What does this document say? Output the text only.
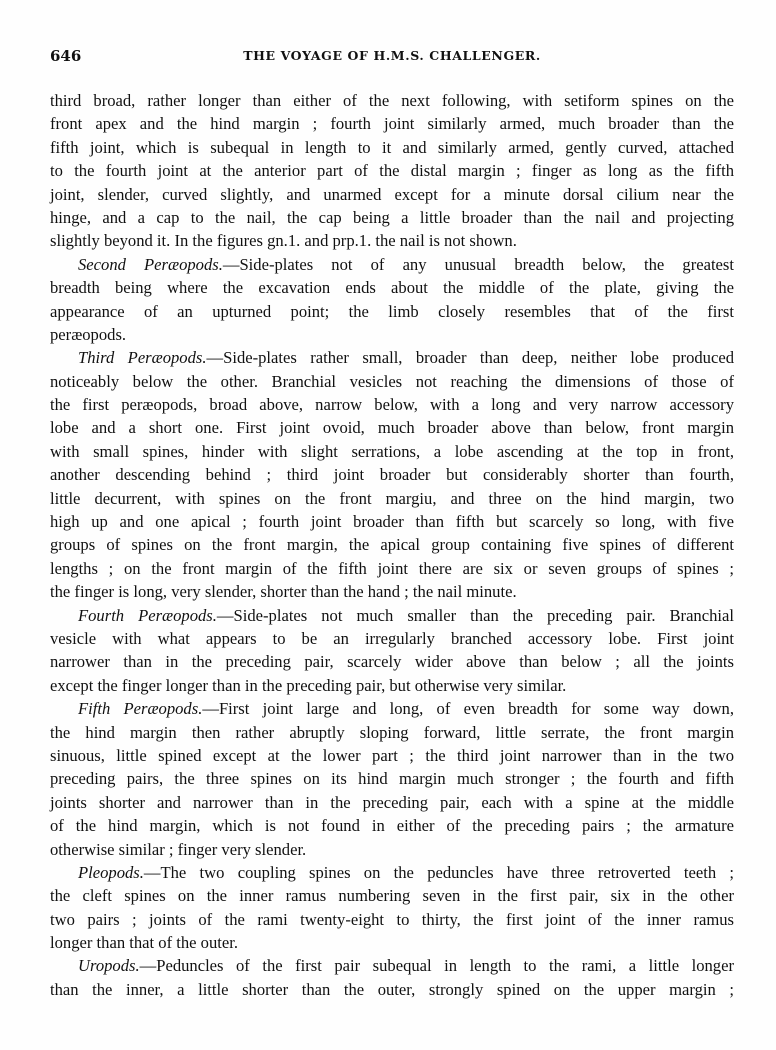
646	THE VOYAGE OF H.M.S. CHALLENGER.
third broad, rather longer than either of the next following, with setiform spines on the
front apex and the hind margin ; fourth joint similarly armed, much broader than the
fifth joint, which is subequal in length to it and similarly armed, gently curved, attached
to the fourth joint at the anterior part of the distal margin ; finger as long as the fifth
joint, slender, curved slightly, and unarmed except for a minute dorsal cilium near the
hinge, and a cap to the nail, the cap being a little broader than the nail and projecting
slightly beyond it. In the figures gn.1. and prp.1. the nail is not shown.
Second Peræopods.—Side-plates not of any unusual breadth below, the greatest
breadth being where the excavation ends about the middle of the plate, giving the
appearance of an upturned point; the limb closely resembles that of the first
peræopods.
Third Peræopods.—Side-plates rather small, broader than deep, neither lobe produced
noticeably below the other. Branchial vesicles not reaching the dimensions of those of
the first peræopods, broad above, narrow below, with a long and very narrow accessory
lobe and a short one. First joint ovoid, much broader above than below, front margin
with small spines, hinder with slight serrations, a lobe ascending at the top in front,
another descending behind ; third joint broader but considerably shorter than fourth,
little decurrent, with spines on the front margiu, and three on the hind margin, two
high up and one apical ; fourth joint broader than fifth but scarcely so long, with five
groups of spines on the front margin, the apical group containing five spines of different
lengths ; on the front margin of the fifth joint there are six or seven groups of spines ;
the finger is long, very slender, shorter than the hand ; the nail minute.
Fourth Peræopods.—Side-plates not much smaller than the preceding pair. Branchial
vesicle with what appears to be an irregularly branched accessory lobe. First joint
narrower than in the preceding pair, scarcely wider above than below ; all the joints
except the finger longer than in the preceding pair, but otherwise very similar.
Fifth Peræopods.—First joint large and long, of even breadth for some way down,
the hind margin then rather abruptly sloping forward, little serrate, the front margin
sinuous, little spined except at the lower part ; the third joint narrower than in the two
preceding pairs, the three spines on its hind margin much stronger ; the fourth and fifth
joints shorter and narrower than in the preceding pair, each with a spine at the middle
of the hind margin, which is not found in either of the preceding pairs ; the armature
otherwise similar ; finger very slender.
Pleopods.—The two coupling spines on the peduncles have three retroverted teeth ;
the cleft spines on the inner ramus numbering seven in the first pair, six in the other
two pairs ; joints of the rami twenty-eight to thirty, the first joint of the inner ramus
longer than that of the outer.
Uropods.—Peduncles of the first pair subequal in length to the rami, a little longer
than the inner, a little shorter than the outer, strongly spined on the upper margin ;
